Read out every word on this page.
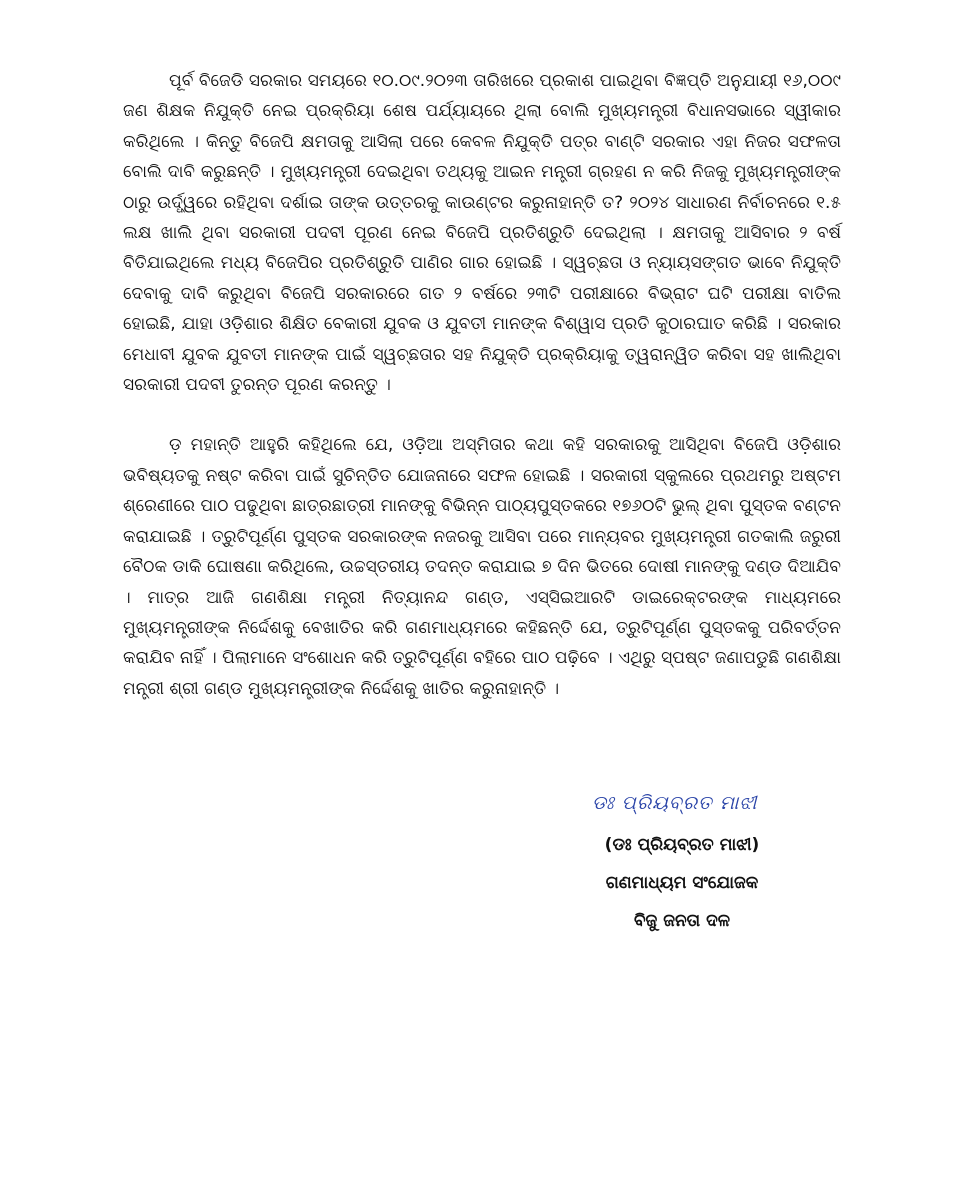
ପୂର୍ବ ବିଜେଡି ସରକାର ସମୟରେ ୧୦.୦୯.୨୦୨୩ ତାରିଖରେ ପ୍ରକାଶ ପାଇଥିବା ବିଜ୍ଞପ୍ତି ଅନୁଯାୟୀ ୧୬,୦୦୯ ଜଣ ଶିକ୍ଷକ ନିଯୁକ୍ତି ନେଇ ପ୍ରକ୍ରିୟା ଶେଷ ପର୍ଯ୍ୟାୟରେ ଥିଲା ବୋଲି ମୁଖ୍ୟମନ୍ତ୍ରୀ ବିଧାନସଭାରେ ସ୍ୱୀକାର କରିଥିଲେ । କିନ୍ତୁ ବିଜେପି କ୍ଷମତାକୁ ଆସିଲା ପରେ କେବଳ ନିଯୁକ୍ତି ପତ୍ର ବାଣ୍ଟି ସରକାର ଏହା ନିଜର ସଫଳତା ବୋଲି ଦାବି କରୁଛନ୍ତି । ମୁଖ୍ୟମନ୍ତ୍ରୀ ଦେଇଥିବା ତଥ୍ୟକୁ ଆଇନ ମନ୍ତ୍ରୀ ଗ୍ରହଣ ନ କରି ନିଜକୁ ମୁଖ୍ୟମନ୍ତ୍ରୀଙ୍କ ଠାରୁ ଉର୍ଦ୍ଧ୍ୱରେ ରହିଥିବା ଦର୍ଶାଇ ତାଙ୍କ ଉତ୍ତରକୁ କାଉଣ୍ଟର କରୁନାହାନ୍ତି ତ? ୨୦୨୪ ସାଧାରଣ ନିର୍ବାଚନରେ ୧.୫ ଲକ୍ଷ ଖାଲି ଥିବା ସରକାରୀ ପଦବୀ ପୂରଣ ନେଇ ବିଜେପି ପ୍ରତିଶ୍ରୁତି ଦେଇଥିଲା । କ୍ଷମତାକୁ ଆସିବାର ୨ ବର୍ଷ ବିତିଯାଇଥିଲେ ମଧ୍ୟ ବିଜେପିର ପ୍ରତିଶ୍ରୁତି ପାଣିର ଗାର ହୋଇଛି । ସ୍ୱଚ୍ଛତା ଓ ନ୍ୟାୟସଙ୍ଗତ ଭାବେ ନିଯୁକ୍ତି ଦେବାକୁ ଦାବି କରୁଥିବା ବିଜେପି ସରକାରରେ ଗତ ୨ ବର୍ଷରେ ୨୩ଟି ପରୀକ୍ଷାରେ ବିଭ୍ରାଟ ଘଟି ପରୀକ୍ଷା ବାତିଲ ହୋଇଛି, ଯାହା ଓଡ଼ିଶାର ଶିକ୍ଷିତ ବେକାରୀ ଯୁବକ ଓ ଯୁବତୀ ମାନଙ୍କ ବିଶ୍ୱାସ ପ୍ରତି କୁଠାରଘାତ କରିଛି । ସରକାର ମେଧାବୀ ଯୁବକ ଯୁବତୀ ମାନଙ୍କ ପାଇଁ ସ୍ୱଚ୍ଛତାର ସହ ନିଯୁକ୍ତି ପ୍ରକ୍ରିୟାକୁ ତ୍ୱରାନ୍ୱିତ କରିବା ସହ ଖାଲିଥିବା ସରକାରୀ ପଦବୀ ତୁରନ୍ତ ପୂରଣ କରନ୍ତୁ ।

ଡ଼ ମହାନ୍ତି ଆହୁରି କହିଥିଲେ ଯେ, ଓଡ଼ିଆ ଅସ୍ମିତାର କଥା କହି ସରକାରକୁ ଆସିଥିବା ବିଜେପି ଓଡ଼ିଶାର ଭବିଷ୍ୟତକୁ ନଷ୍ଟ କରିବା ପାଇଁ ସୁଚିନ୍ତିତ ଯୋଜନାରେ ସଫଳ ହୋଇଛି । ସରକାରୀ ସ୍କୁଲରେ ପ୍ରଥମରୁ ଅଷ୍ଟମ ଶ୍ରେଣୀରେ ପାଠ ପଢୁଥିବା ଛାତ୍ରଛାତ୍ରୀ ମାନଙ୍କୁ ବିଭିନ୍ନ ପାଠ୍ୟପୁସ୍ତକରେ ୧୭୬୦ଟି ଭୁଲ୍ ଥିବା ପୁସ୍ତକ ବଣ୍ଟନ କରାଯାଇଛି । ତ୍ରୁଟିପୂର୍ଣ୍ଣ ପୁସ୍ତକ ସରକାରଙ୍କ ନଜରକୁ ଆସିବା ପରେ ମାନ୍ୟବର ମୁଖ୍ୟମନ୍ତ୍ରୀ ଗତକାଲି ଜରୁରୀ ବୈଠକ ଡାକି ଘୋଷଣା କରିଥିଲେ, ଉଚ୍ଚସ୍ତରୀୟ ତଦନ୍ତ କରାଯାଇ ୭ ଦିନ ଭିତରେ ଦୋଷୀ ମାନଙ୍କୁ ଦଣ୍ଡ ଦିଆଯିବ । ମାତ୍ର ଆଜି ଗଣଶିକ୍ଷା ମନ୍ତ୍ରୀ ନିତ୍ୟାନନ୍ଦ ଗଣ୍ଡ, ଏସ୍‌ସିଇଆରଟି ଡାଇରେକ୍ଟରଙ୍କ ମାଧ୍ୟମରେ ମୁଖ୍ୟମନ୍ତ୍ରୀଙ୍କ ନିର୍ଦ୍ଦେଶକୁ ବେଖାତିର କରି ଗଣମାଧ୍ୟମରେ କହିଛନ୍ତି ଯେ, ତ୍ରୁଟିପୂର୍ଣ୍ଣ ପୁସ୍ତକକୁ ପରିବର୍ତ୍ତନ କରାଯିବ ନାହିଁ । ପିଲାମାନେ ସଂଶୋଧନ କରି ତ୍ରୁଟିପୂର୍ଣ୍ଣ ବହିରେ ପାଠ ପଢ଼ିବେ । ଏଥିରୁ ସ୍ପଷ୍ଟ ଜଣାପଡୁଛି ଗଣଶିକ୍ଷା ମନ୍ତ୍ରୀ ଶ୍ରୀ ଗଣ୍ଡ ମୁଖ୍ୟମନ୍ତ୍ରୀଙ୍କ ନିର୍ଦ୍ଦେଶକୁ ଖାତିର କରୁନାହାନ୍ତି ।

ଡଃ ପ୍ରିୟବ୍ରତ ମାଝୀ
(ଡଃ ପ୍ରିୟବ୍ରତ ମାଝୀ)
ଗଣମାଧ୍ୟମ ସଂଯୋଜକ
ବିଜୁ ଜନତା ଦଳ
